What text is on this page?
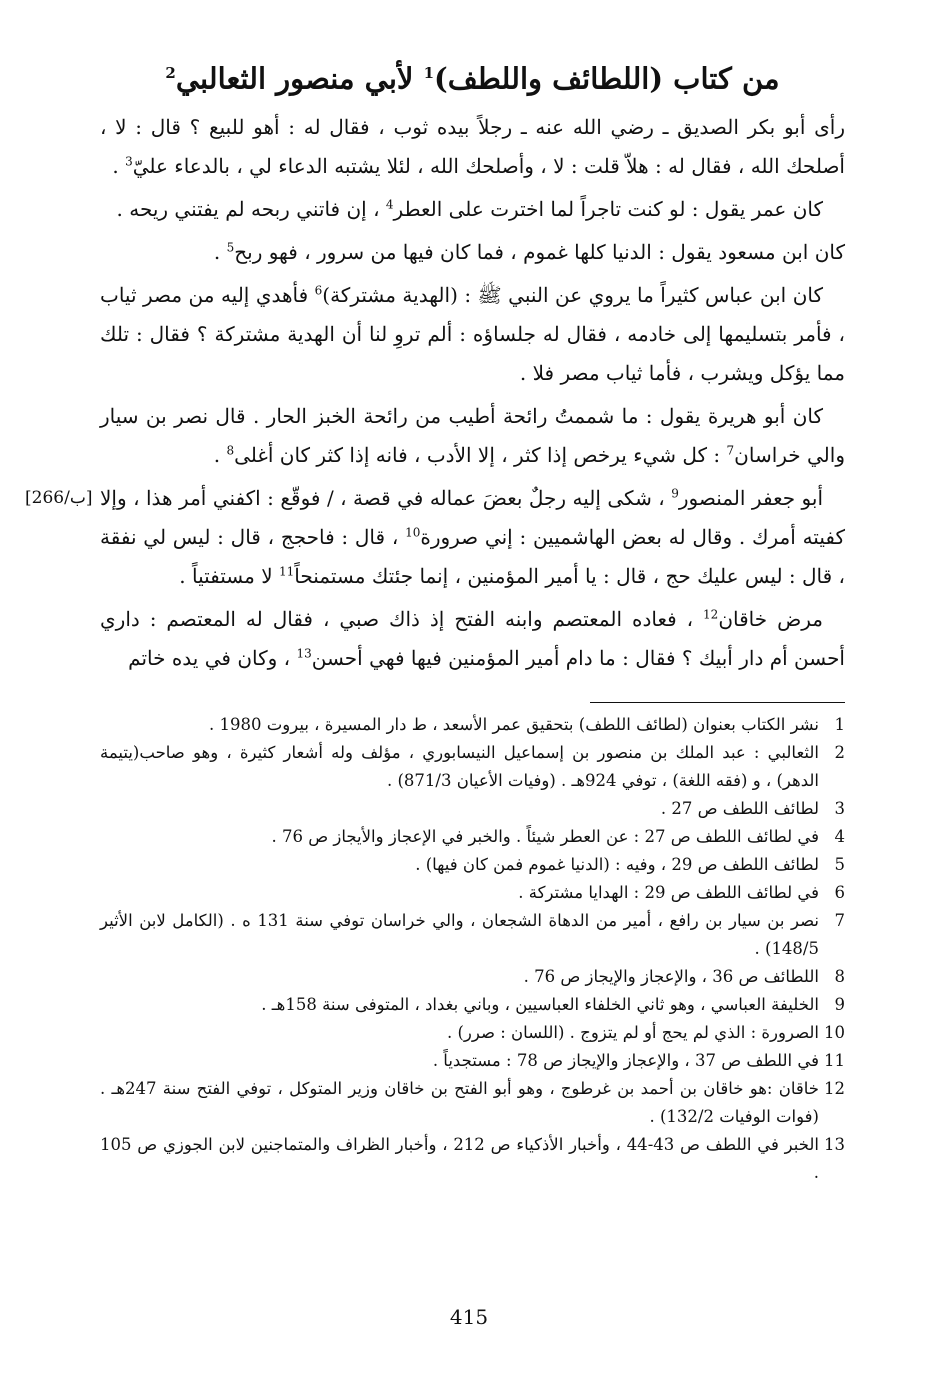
من كتاب (اللطائف واللطف)$^1$ لأبي منصور الثعالبي$^2$

رأى أبو بكر الصديق ـ رضي الله عنه ـ رجلاً بيده ثوب ، فقال له : أهو للبيع ؟ قال : لا ، أصلحك الله ، فقال له : هلاّ قلت : لا ، وأصلحك الله ، لئلا يشتبه الدعاء لي ، بالدعاء عليّ$^3$ .

كان عمر يقول : لو كنت تاجراً لما اخترت على العطر$^4$ ، إن فاتني ربحه لم يفتني ريحه .

كان ابن مسعود يقول : الدنيا كلها غموم ، فما كان فيها من سرور ، فهو ربح$^5$ .

كان ابن عباس كثيراً ما يروي عن النبي ﷺ : (الهدية مشتركة)$^6$ فأهدي إليه من مصر ثياب ، فأمر بتسليمها إلى خادمه ، فقال له جلساؤه : ألم تروِ لنا أن الهدية مشتركة ؟ فقال : تلك مما يؤكل ويشرب ، فأما ثياب مصر فلا .

كان أبو هريرة يقول : ما شممتُ رائحة أطيب من رائحة الخبز الحار . قال نصر بن سيار والي خراسان$^7$ : كل شيء يرخص إذا كثر ، إلا الأدب ، فانه إذا كثر كان أغلى$^8$ .

[266/ب]	أبو جعفر المنصور$^9$ ، شكى إليه رجلٌ بعضَ عماله في قصة ، / فوقّع : اكفني أمر هذا ، وإلا كفيته أمرك . وقال له بعض الهاشميين : إني صرورة$^{10}$ ، قال : فاحجج ، قال : ليس لي نفقة ، قال : ليس عليك حج ، قال : يا أمير المؤمنين ، إنما جئتك مستمنحاً$^{11}$ لا مستفتياً .

مرض خاقان$^{12}$ ، فعاده المعتصم وابنه الفتح إذ ذاك صبي ، فقال له المعتصم : داري أحسن أم دار أبيك ؟ فقال : ما دام أمير المؤمنين فيها فهي أحسن$^{13}$ ، وكان في يده خاتم

1
نشر الكتاب بعنوان (لطائف اللطف) بتحقيق عمر الأسعد ، ط دار المسيرة ، بيروت 1980 .
2
الثعالبي : عبد الملك بن منصور بن إسماعيل النيسابوري ، مؤلف وله أشعار كثيرة ، وهو صاحب(يتيمة الدهر) ، و (فقه اللغة) ، توفي 924هـ . (وفيات الأعيان 871/3) .
3
لطائف اللطف ص 27 .
4
في لطائف اللطف ص 27 : عن العطر شيئاً . والخبر في الإعجاز والأيجاز ص 76 .
5
لطائف اللطف ص 29 ، وفيه : (الدنيا غموم فمن كان فيها) .
6
في لطائف اللطف ص 29 : الهدايا مشتركة .
7
نصر بن سيار بن رافع ، أمير من الدهاة الشجعان ، والي خراسان توفي سنة 131 ه . (الكامل لابن الأثير 148/5) .
8
اللطائف ص 36 ، والإعجاز والإيجاز ص 76 .
9
الخليفة العباسي ، وهو ثاني الخلفاء العباسيين ، وباني بغداد ، المتوفى سنة 158هـ .
10
الصرورة : الذي لم يحج أو لم يتزوج . (اللسان : صرر) .
11
في اللطف ص 37 ، والإعجاز والإيجاز ص 78 : مستجدياً .
12
خاقان :هو خاقان بن أحمد بن غرطوج ، وهو أبو الفتح بن خاقان وزير المتوكل ، توفي الفتح سنة 247هـ . (فوات الوفيات 132/2) .
13
الخبر في اللطف ص 43-44 ، وأخبار الأذكياء ص 212 ، وأخبار الظراف والمتماجنين لابن الجوزي ص 105 .
415
